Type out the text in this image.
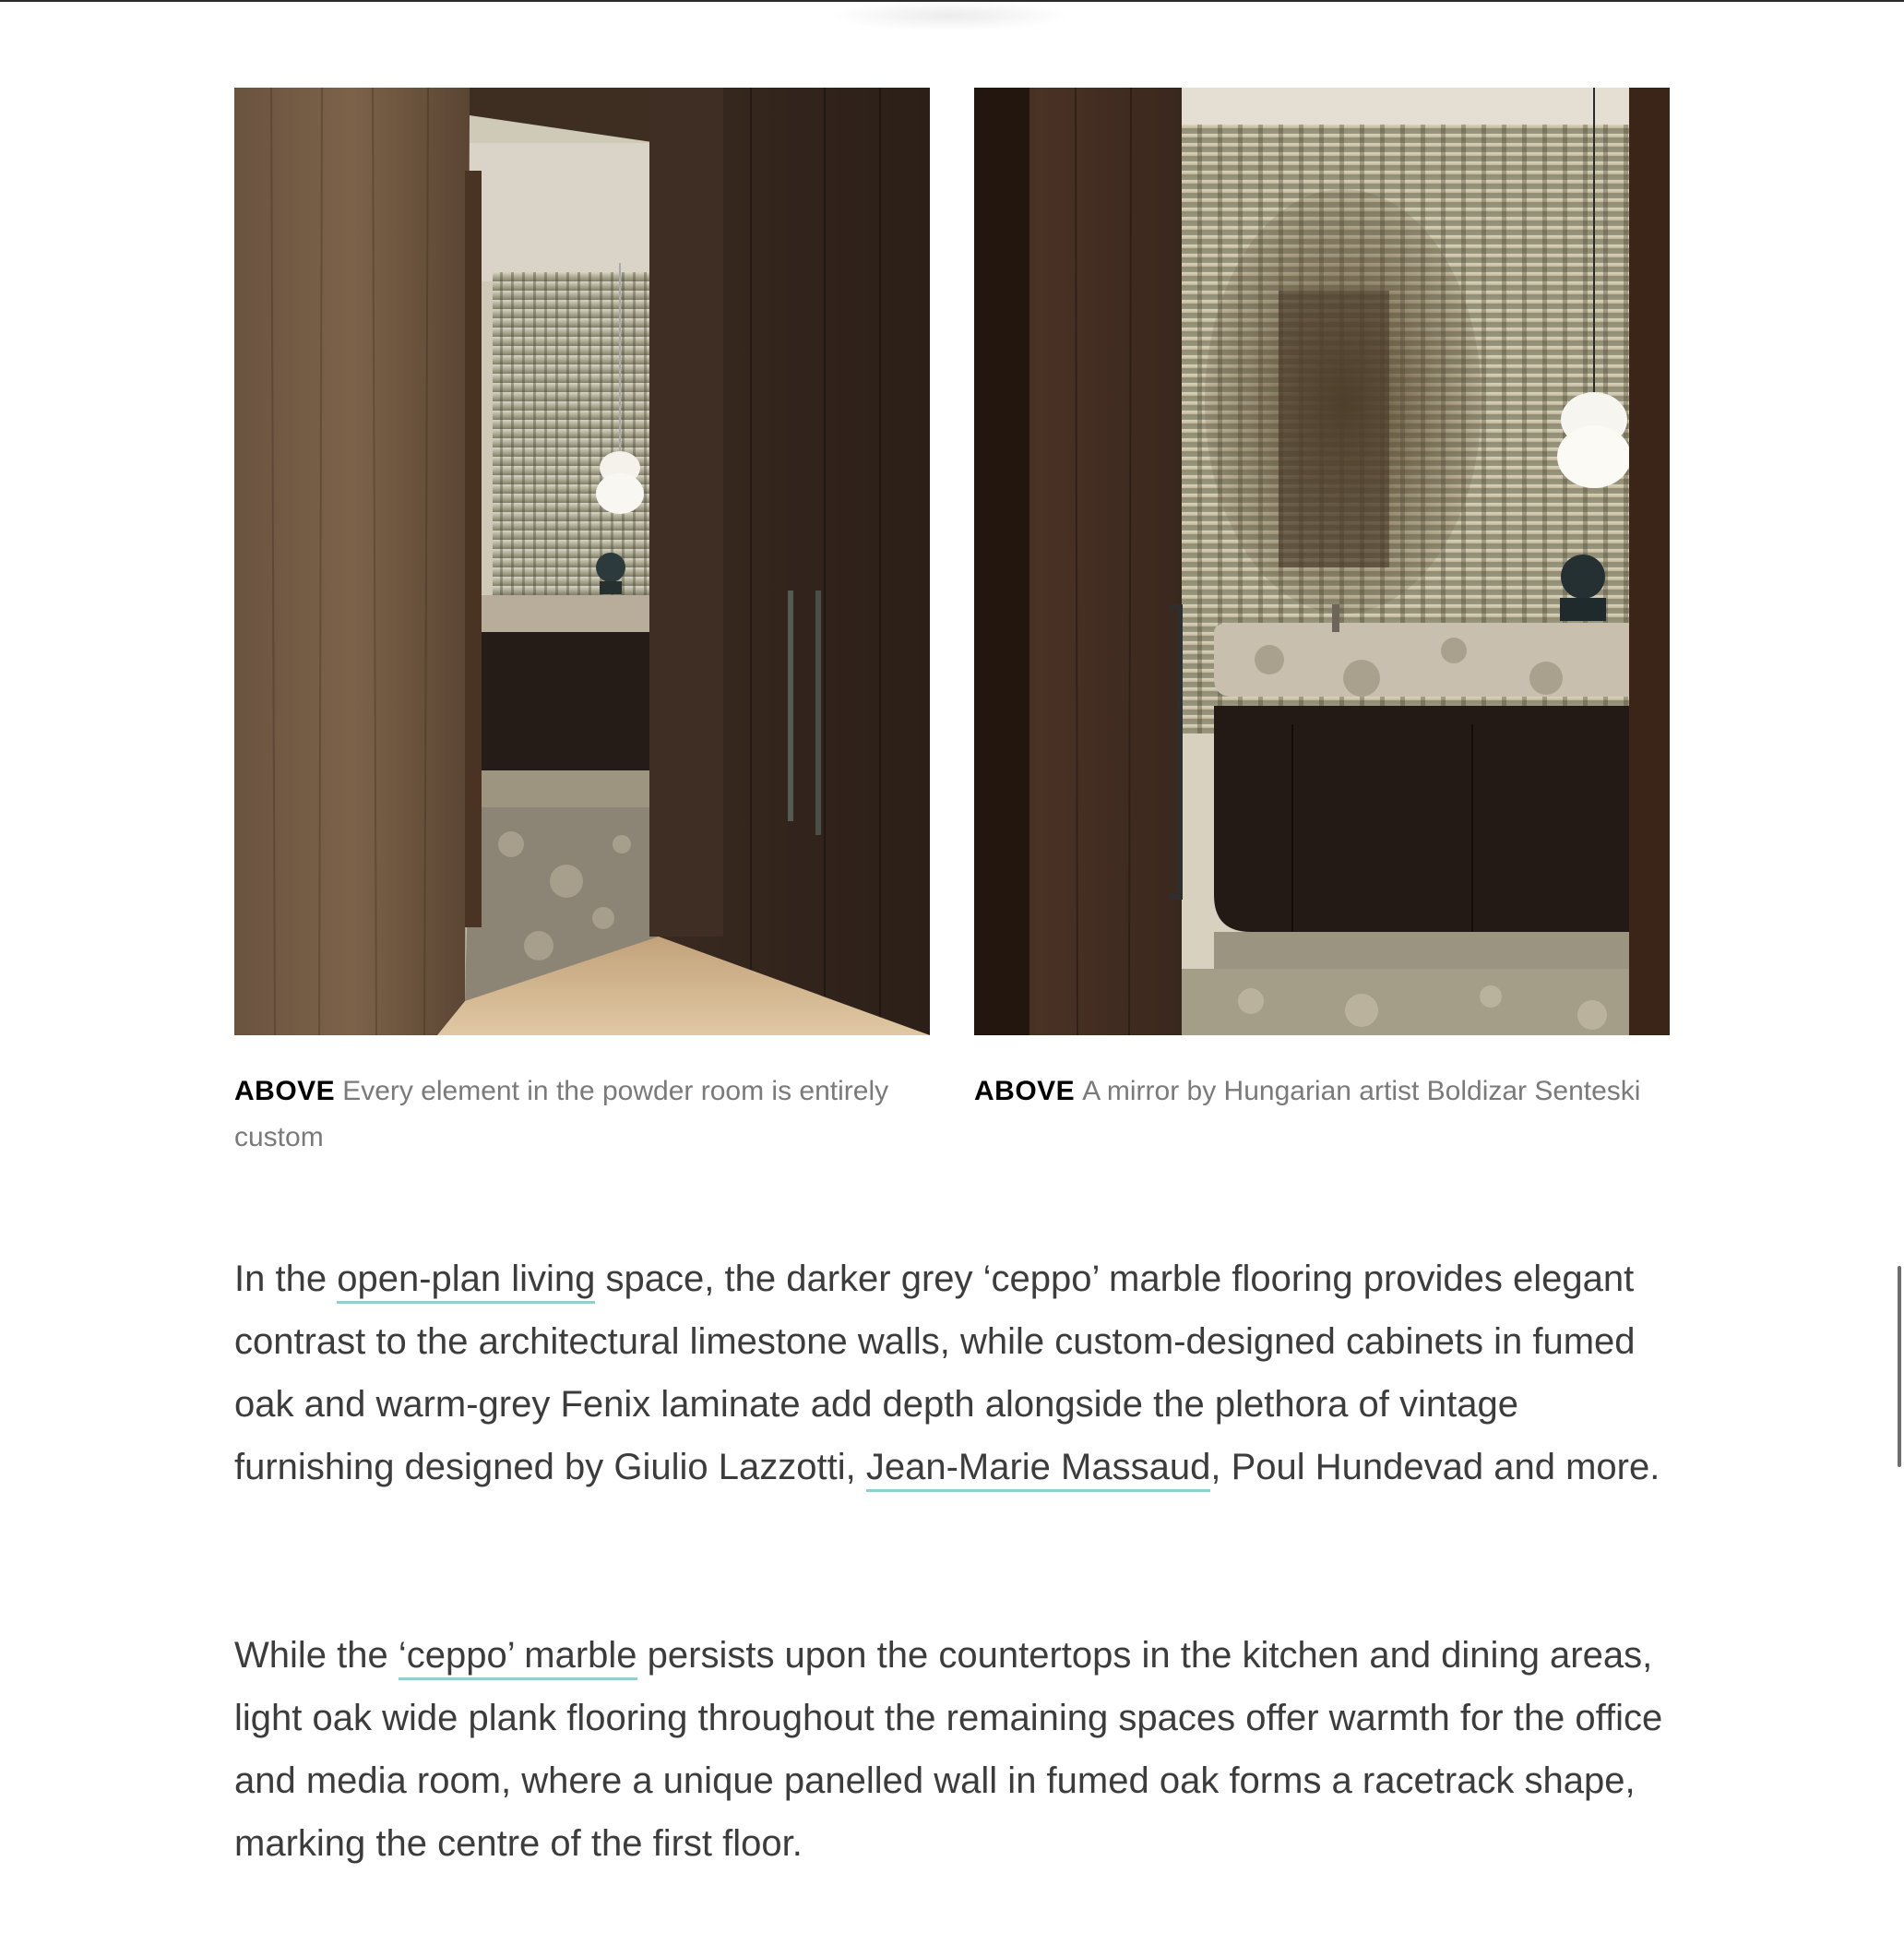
ABOVE Every element in the powder room is entirely custom
ABOVE A mirror by Hungarian artist Boldizar Senteski

In the open-plan living space, the darker grey ‘ceppo’ marble flooring provides elegant contrast to the architectural limestone walls, while custom-designed cabinets in fumed oak and warm-grey Fenix laminate add depth alongside the plethora of vintage furnishing designed by Giulio Lazzotti, Jean-Marie Massaud, Poul Hundevad and more.

While the ‘ceppo’ marble persists upon the countertops in the kitchen and dining areas, light oak wide plank flooring throughout the remaining spaces offer warmth for the office and media room, where a unique panelled wall in fumed oak forms a racetrack shape, marking the centre of the first floor.
